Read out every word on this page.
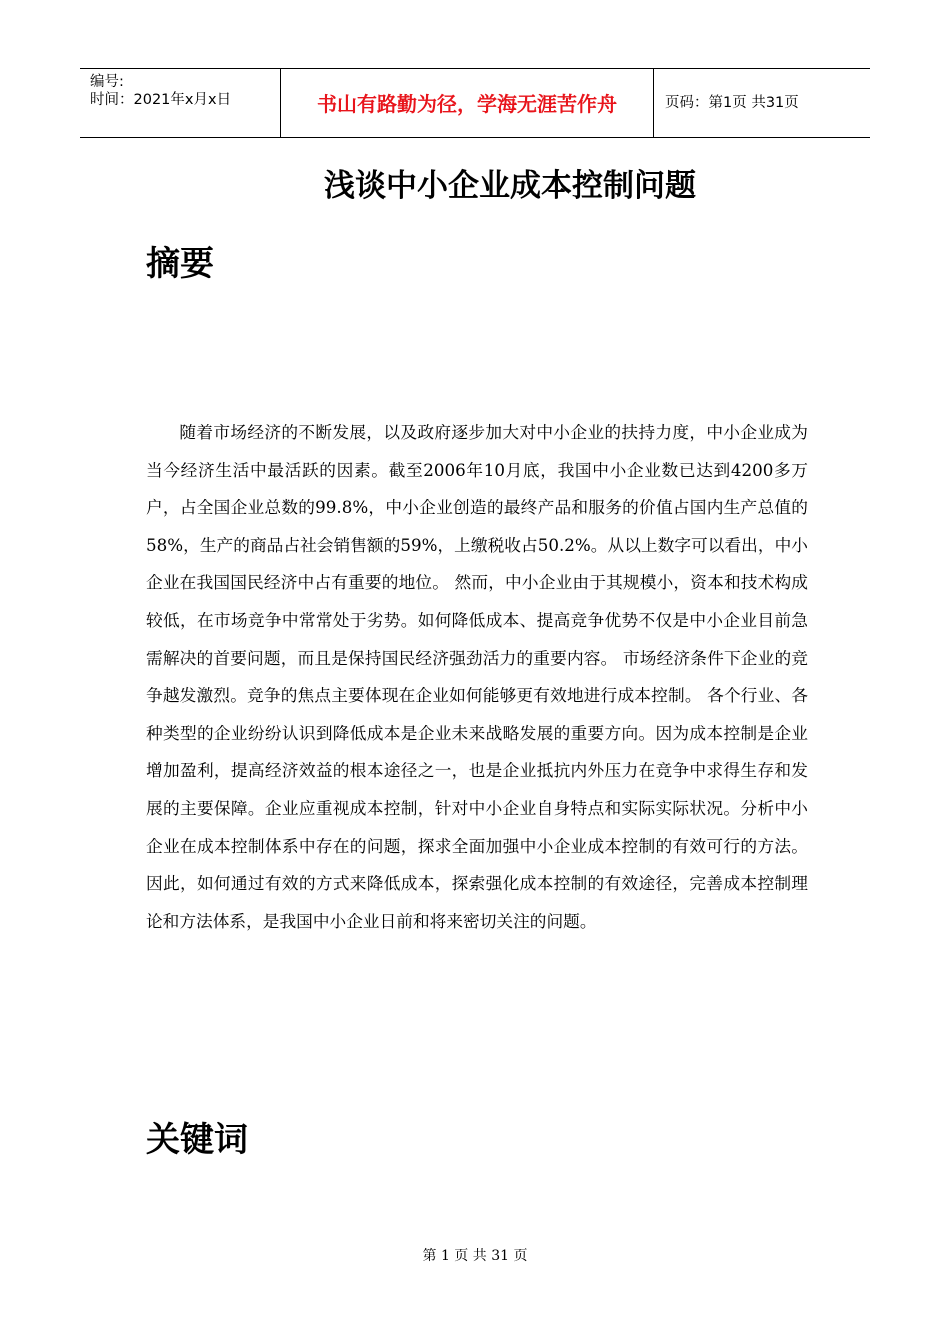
编号:
时间：2021年x月x日	书山有路勤为径，学海无涯苦作舟	页码：第1页 共31页
浅谈中小企业成本控制问题
摘要

随着市场经济的不断发展，以及政府逐步加大对中小企业的扶持力度，中小企业成为当今经济生活中最活跃的因素。截至2006年10月底，我国中小企业数已达到4200多万户，占全国企业总数的99.8%，中小企业创造的最终产品和服务的价值占国内生产总值的58%，生产的商品占社会销售额的59%，上缴税收占50.2%。从以上数字可以看出，中小企业在我国国民经济中占有重要的地位。 然而，中小企业由于其规模小，资本和技术构成较低，在市场竞争中常常处于劣势。如何降低成本、提高竞争优势不仅是中小企业目前急需解决的首要问题，而且是保持国民经济强劲活力的重要内容。 市场经济条件下企业的竞争越发激烈。竞争的焦点主要体现在企业如何能够更有效地进行成本控制。 各个行业、各种类型的企业纷纷认识到降低成本是企业未来战略发展的重要方向。因为成本控制是企业增加盈利，提高经济效益的根本途径之一，也是企业抵抗内外压力在竞争中求得生存和发展的主要保障。企业应重视成本控制，针对中小企业自身特点和实际实际状况。分析中小企业在成本控制体系中存在的问题，探求全面加强中小企业成本控制的有效可行的方法。因此，如何通过有效的方式来降低成本，探索强化成本控制的有效途径，完善成本控制理论和方法体系，是我国中小企业日前和将来密切关注的问题。

关键词
第 1 页 共 31 页
